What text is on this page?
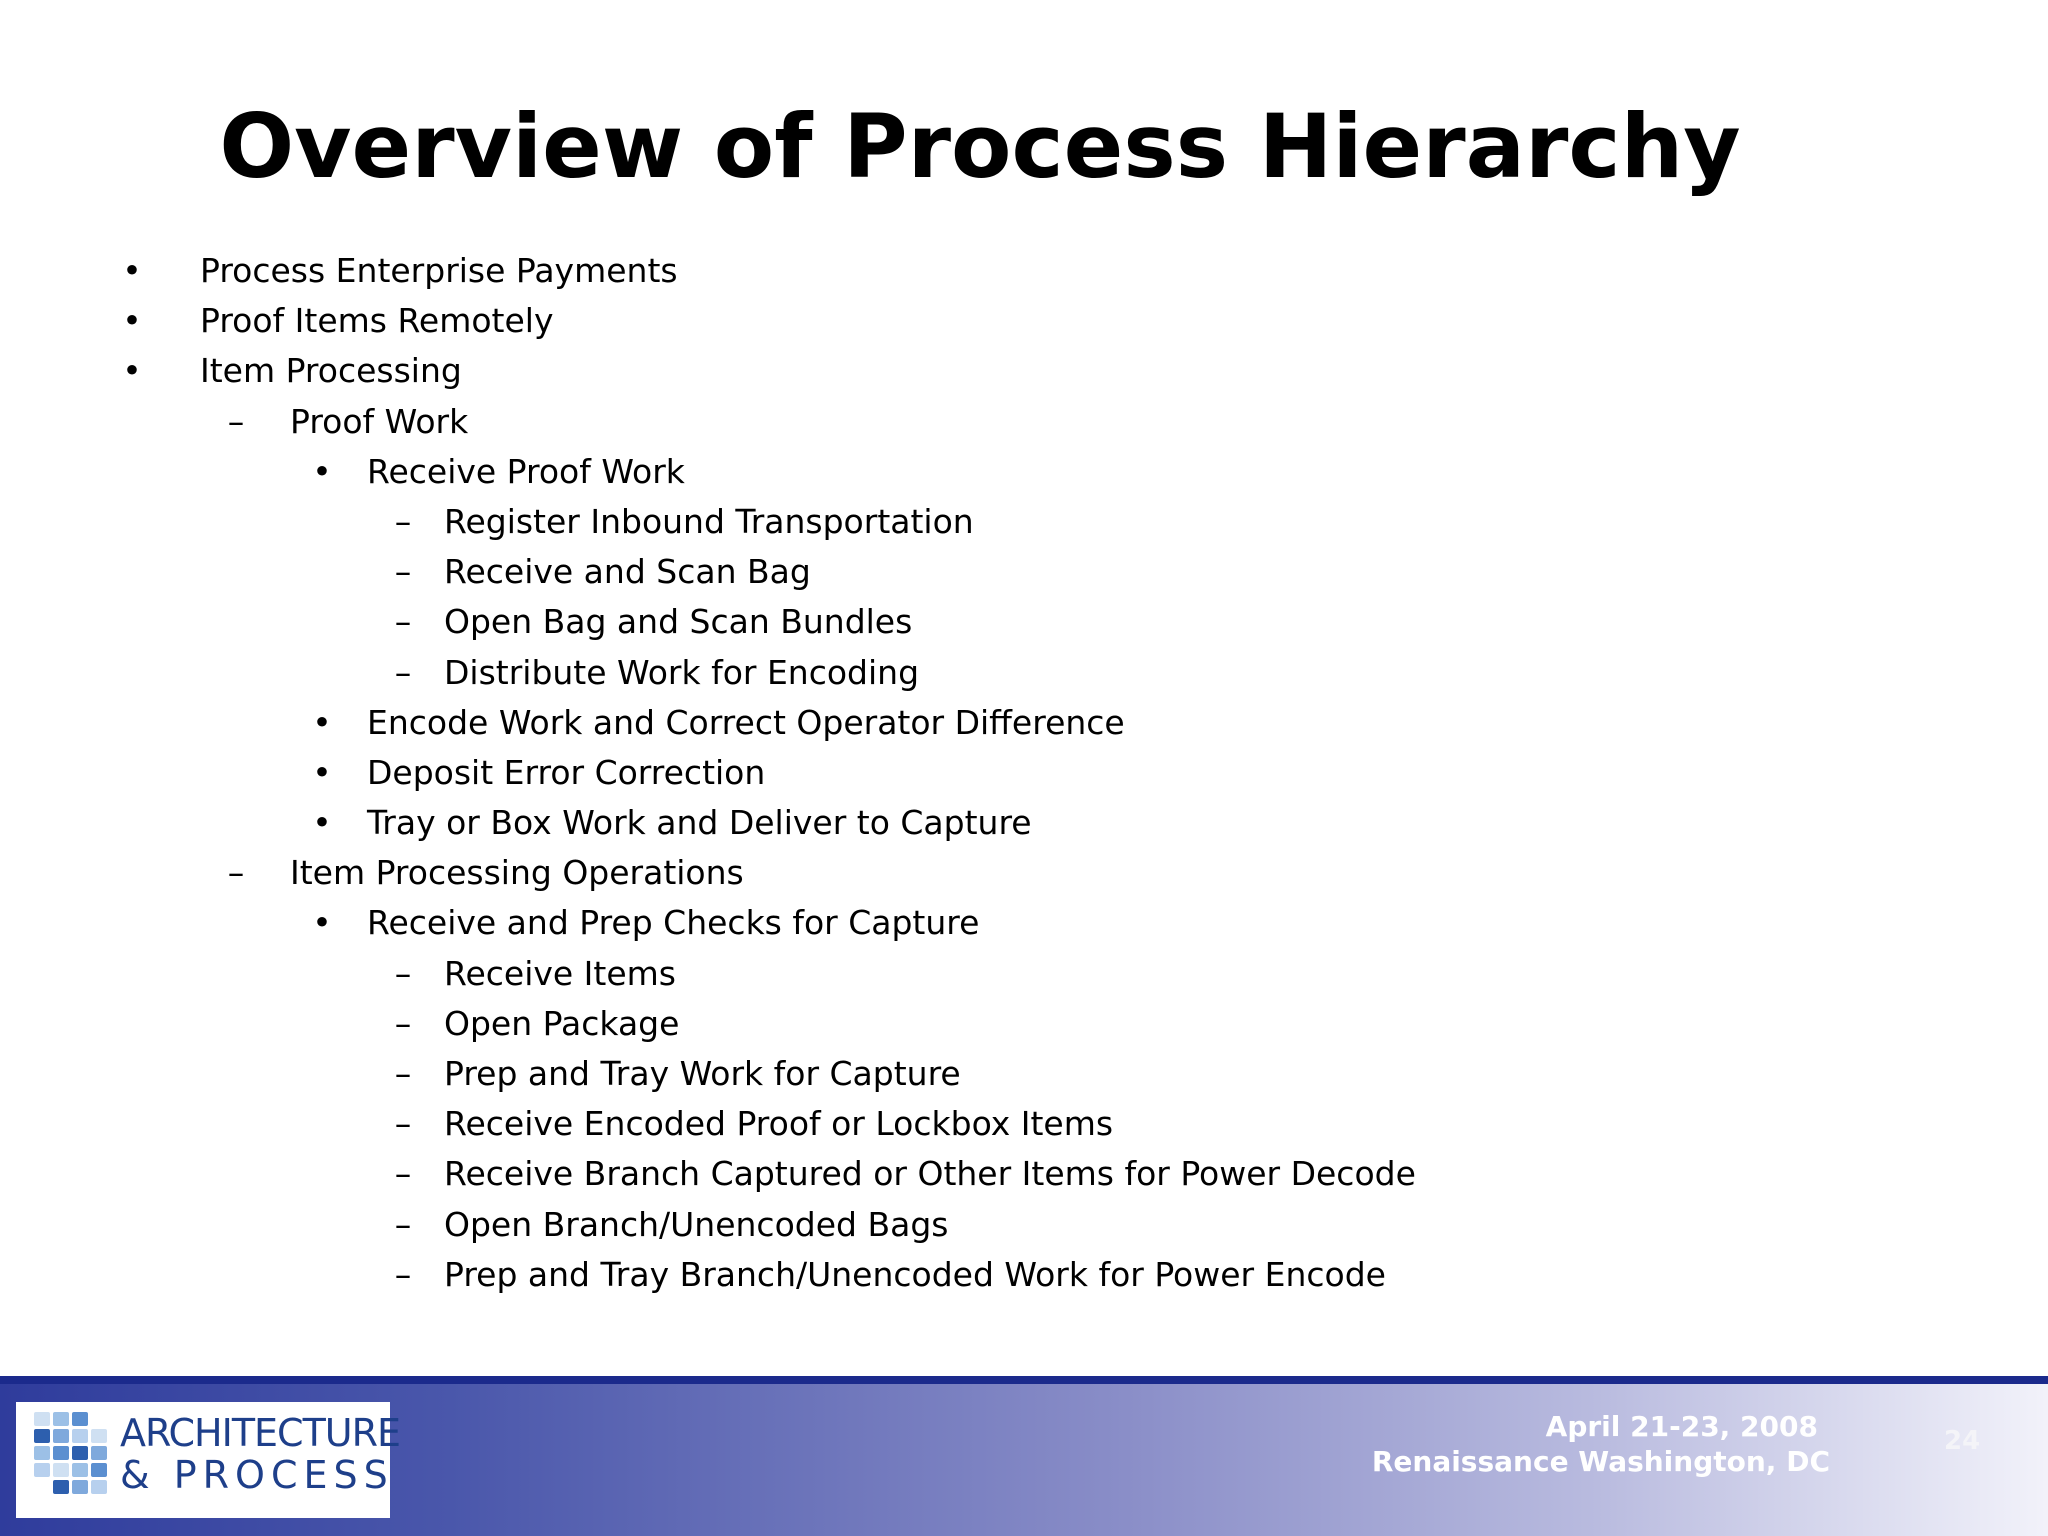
Overview of Process Hierarchy
•	Process Enterprise Payments
•	Proof Items Remotely
•	Item Processing
–	Proof Work
•	Receive Proof Work
– Register Inbound Transportation
– Receive and Scan Bag
– Open Bag and Scan Bundles
– Distribute Work for Encoding
•	Encode Work and Correct Operator Difference
•	Deposit Error Correction
•	Tray or Box Work and Deliver to Capture
–	Item Processing Operations
•	Receive and Prep Checks for Capture
– Receive Items
– Open Package
– Prep and Tray Work for Capture
– Receive Encoded Proof or Lockbox Items
– Receive Branch Captured or Other Items for Power Decode
– Open Branch/Unencoded Bags
– Prep and Tray Branch/Unencoded Work for Power Encode
ARCHITECTURE
& PROCESS
April 21-23, 2008
Renaissance Washington, DC
24
